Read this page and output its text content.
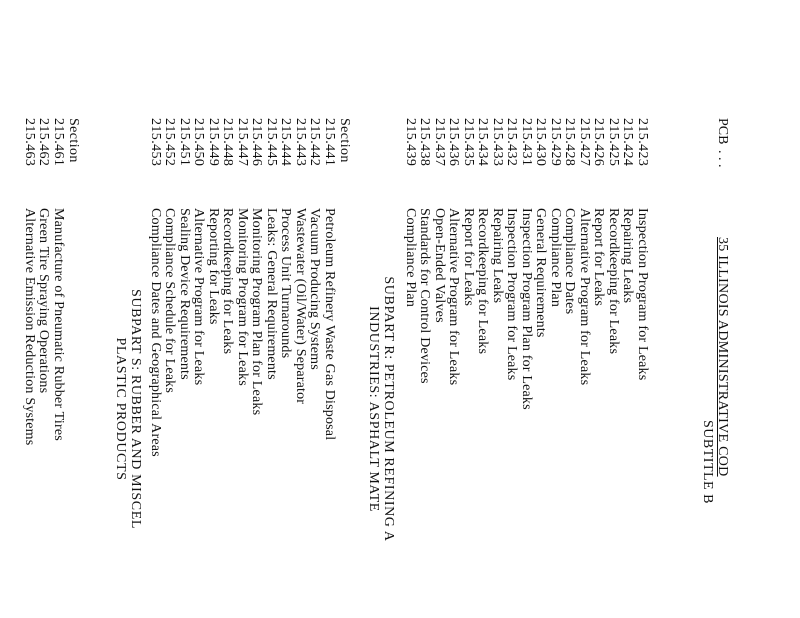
PCB
. . .
35 ILLINOIS ADMINISTRATIVE COD
SUBTITLE B
215.423
Inspection Program for Leaks
215.424
Repairing Leaks
215.425
Recordkeeping for Leaks
215.426
Report for Leaks
215.427
Alternative Program for Leaks
215.428
Compliance Dates
215.429
Compliance Plan
215.430
General Requirements
215.431
Inspection Program Plan for Leaks
215.432
Inspection Program for Leaks
215.433
Repairing Leaks
215.434
Recordkeeping for Leaks
215.435
Report for Leaks
215.436
Alternative Program for Leaks
215.437
Open-Ended Valves
215.438
Standards for Control Devices
215.439
Compliance Plan
SUBPART R: PETROLEUM REFINING A
INDUSTRIES: ASPHALT MATE
Section
215.441
Petroleum Refinery Waste Gas Disposal
215.442
Vacuum Producing Systems
215.443
Wastewater (Oil/Water) Separator
215.444
Process Unit Turnarounds
215.445
Leaks: General Requirements
215.446
Monitoring Program Plan for Leaks
215.447
Monitoring Program for Leaks
215.448
Recordkeeping for Leaks
215.449
Reporting for Leaks
215.450
Alternative Program for Leaks
215.451
Sealing Device Requirements
215.452
Compliance Schedule for Leaks
215.453
Compliance Dates and Geographical Areas
SUBPART S: RUBBER AND MISCEL
PLASTIC PRODUCTS
Section
215.461
Manufacture of Pneumatic Rubber Tires
215.462
Green Tire Spraying Operations
215.463
Alternative Emission Reduction Systems
